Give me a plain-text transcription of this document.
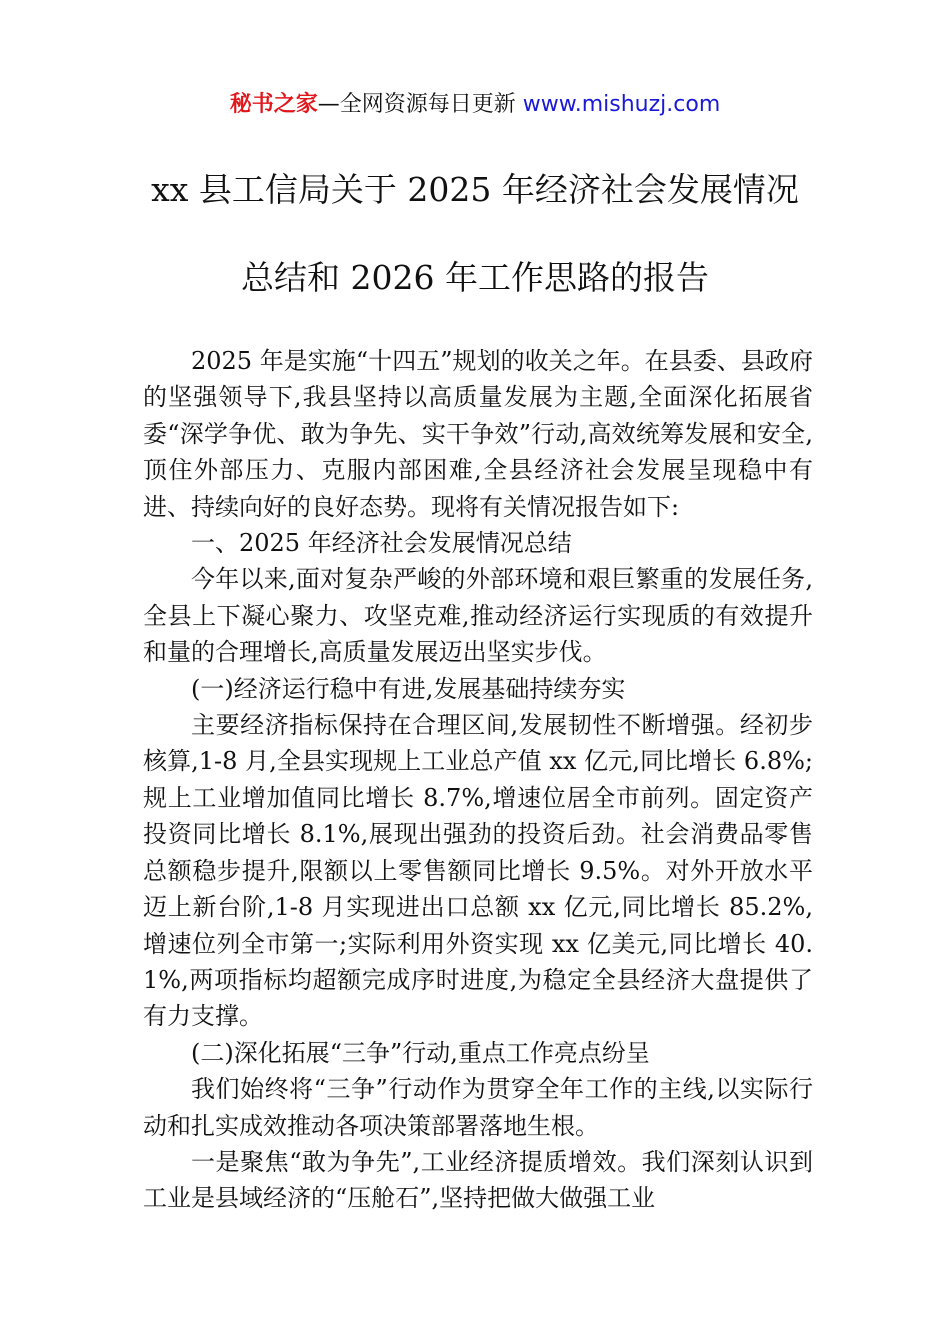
秘书之家—全网资源每日更新 www.mishuzj.com
xx 县工信局关于 2025 年经济社会发展情况
总结和 2026 年工作思路的报告

2025 年是实施“十四五”规划的收关之年。在县委、县政府的坚强领导下,我县坚持以高质量发展为主题,全面深化拓展省委“深学争优、敢为争先、实干争效”行动,高效统筹发展和安全,顶住外部压力、克服内部困难,全县经济社会发展呈现稳中有进、持续向好的良好态势。现将有关情况报告如下:

一、2025 年经济社会发展情况总结

今年以来,面对复杂严峻的外部环境和艰巨繁重的发展任务,全县上下凝心聚力、攻坚克难,推动经济运行实现质的有效提升和量的合理增长,高质量发展迈出坚实步伐。

(一)经济运行稳中有进,发展基础持续夯实

主要经济指标保持在合理区间,发展韧性不断增强。经初步核算,1-8 月,全县实现规上工业总产值 xx 亿元,同比增长 6.8%;规上工业增加值同比增长 8.7%,增速位居全市前列。固定资产投资同比增长 8.1%,展现出强劲的投资后劲。社会消费品零售总额稳步提升,限额以上零售额同比增长 9.5%。对外开放水平迈上新台阶,1-8 月实现进出口总额 xx 亿元,同比增长 85.2%,增速位列全市第一;实际利用外资实现 xx 亿美元,同比增长 40.1%,两项指标均超额完成序时进度,为稳定全县经济大盘提供了有力支撑。

(二)深化拓展“三争”行动,重点工作亮点纷呈

我们始终将“三争”行动作为贯穿全年工作的主线,以实际行动和扎实成效推动各项决策部署落地生根。

一是聚焦“敢为争先”,工业经济提质增效。我们深刻认识到工业是县域经济的“压舱石”,坚持把做大做强工业
